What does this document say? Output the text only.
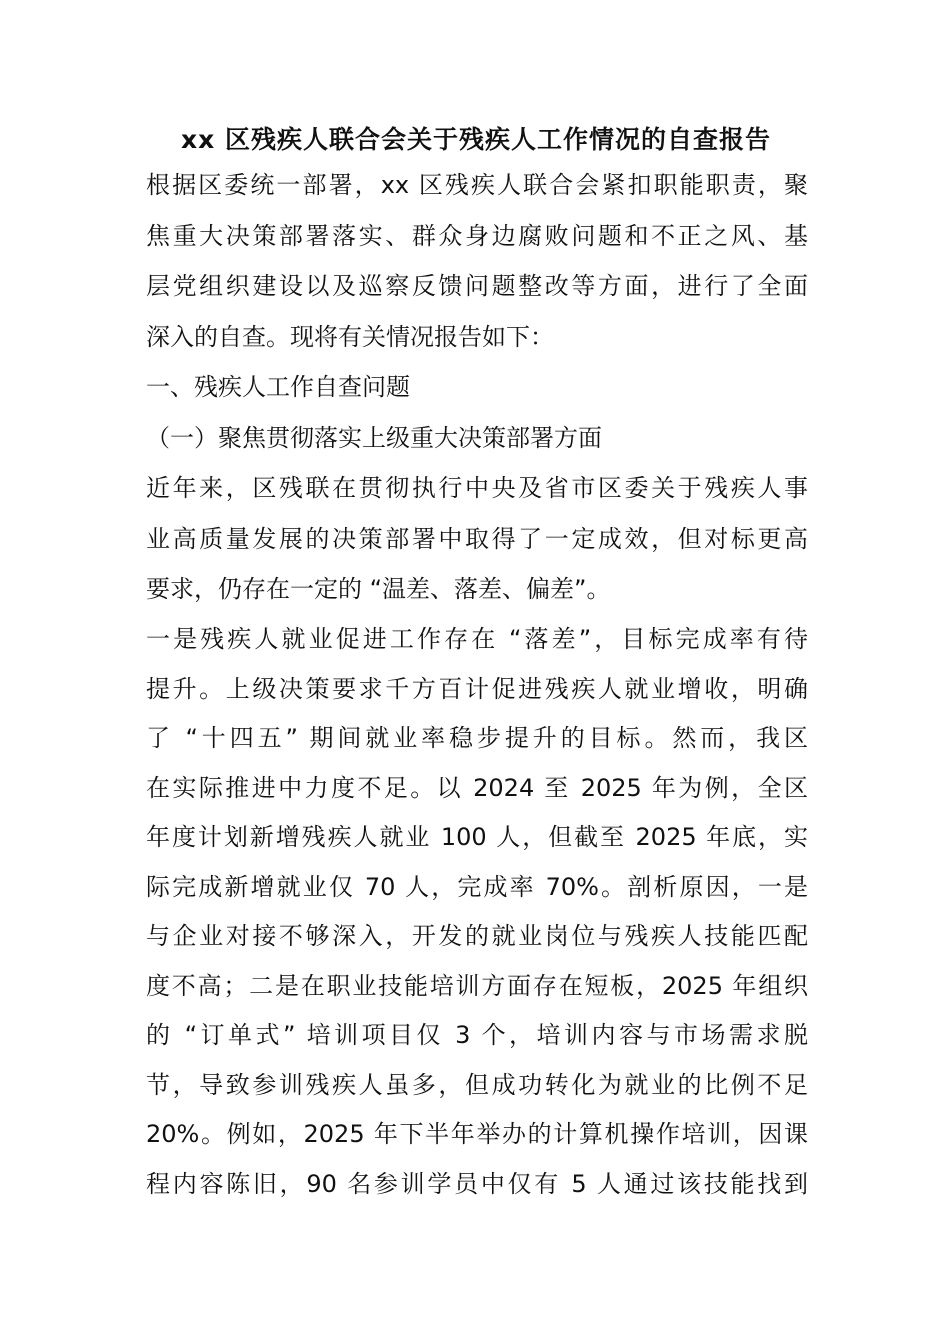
xx 区残疾人联合会关于残疾人工作情况的自查报告
根据区委统一部署，xx 区残疾人联合会紧扣职能职责，聚
焦重大决策部署落实、群众身边腐败问题和不正之风、基
层党组织建设以及巡察反馈问题整改等方面，进行了全面
深入的自查。现将有关情况报告如下：
一、残疾人工作自查问题
（一）聚焦贯彻落实上级重大决策部署方面
近年来，区残联在贯彻执行中央及省市区委关于残疾人事
业高质量发展的决策部署中取得了一定成效，但对标更高
要求，仍存在一定的 “温差、落差、偏差”。
一是残疾人就业促进工作存在 “落差”，目标完成率有待
提升。上级决策要求千方百计促进残疾人就业增收，明确
了 “十四五” 期间就业率稳步提升的目标。然而，我区
在实际推进中力度不足。以 2024 至 2025 年为例，全区
年度计划新增残疾人就业 100 人，但截至 2025 年底，实
际完成新增就业仅 70 人，完成率 70%。剖析原因，一是
与企业对接不够深入，开发的就业岗位与残疾人技能匹配
度不高；二是在职业技能培训方面存在短板，2025 年组织
的 “订单式” 培训项目仅 3 个，培训内容与市场需求脱
节，导致参训残疾人虽多，但成功转化为就业的比例不足
20%。例如，2025 年下半年举办的计算机操作培训，因课
程内容陈旧，90 名参训学员中仅有 5 人通过该技能找到
